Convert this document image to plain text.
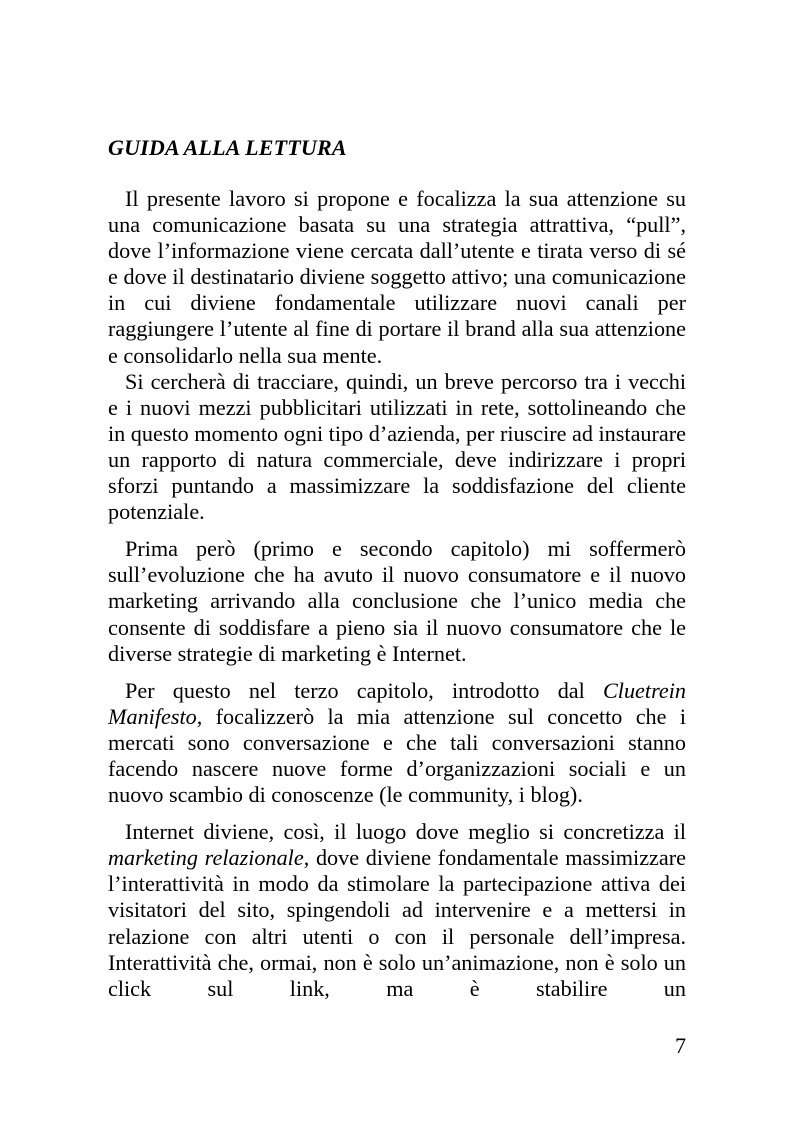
GUIDA ALLA LETTURA

Il presente lavoro si propone e focalizza la sua attenzione su una comunicazione basata su una strategia attrattiva, “pull”, dove l’informazione viene cercata dall’utente e tirata verso di sé e dove il destinatario diviene soggetto attivo; una comunicazione in cui diviene fondamentale utilizzare nuovi canali per raggiungere l’utente al fine di portare il brand alla sua attenzione e consolidarlo nella sua mente.

Si cercherà di tracciare, quindi, un breve percorso tra i vecchi e i nuovi mezzi pubblicitari utilizzati in rete, sottolineando che in questo momento ogni tipo d’azienda, per riuscire ad instaurare un rapporto di natura commerciale, deve indirizzare i propri sforzi puntando a massimizzare la soddisfazione del cliente potenziale.

Prima però (primo e secondo capitolo) mi soffermerò sull’evoluzione che ha avuto il nuovo consumatore e il nuovo marketing arrivando alla conclusione che l’unico media che consente di soddisfare a pieno sia il nuovo consumatore che le diverse strategie di marketing è Internet.

Per questo nel terzo capitolo, introdotto dal Cluetrein Manifesto, focalizzerò la mia attenzione sul concetto che i mercati sono conversazione e che tali conversazioni stanno facendo nascere nuove forme d’organizzazioni sociali e un nuovo scambio di conoscenze (le community, i blog).

Internet diviene, così, il luogo dove meglio si concretizza il marketing relazionale, dove diviene fondamentale massimizzare l’interattività in modo da stimolare la partecipazione attiva dei visitatori del sito, spingendoli ad intervenire e a mettersi in relazione con altri utenti o con il personale dell’impresa. Interattività che, ormai, non è solo un’animazione, non è solo un click sul link, ma è stabilire un

7
